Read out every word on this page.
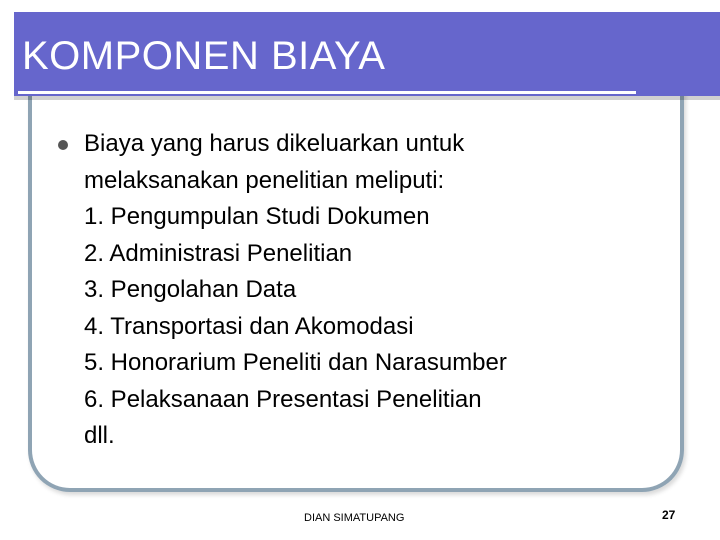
KOMPONEN BIAYA
Biaya yang harus dikeluarkan untuk
melaksanakan penelitian meliputi:
1. Pengumpulan Studi Dokumen
2. Administrasi Penelitian
3. Pengolahan Data
4. Transportasi dan Akomodasi
5. Honorarium Peneliti dan Narasumber
6. Pelaksanaan Presentasi Penelitian
dll.
DIAN SIMATUPANG	27
